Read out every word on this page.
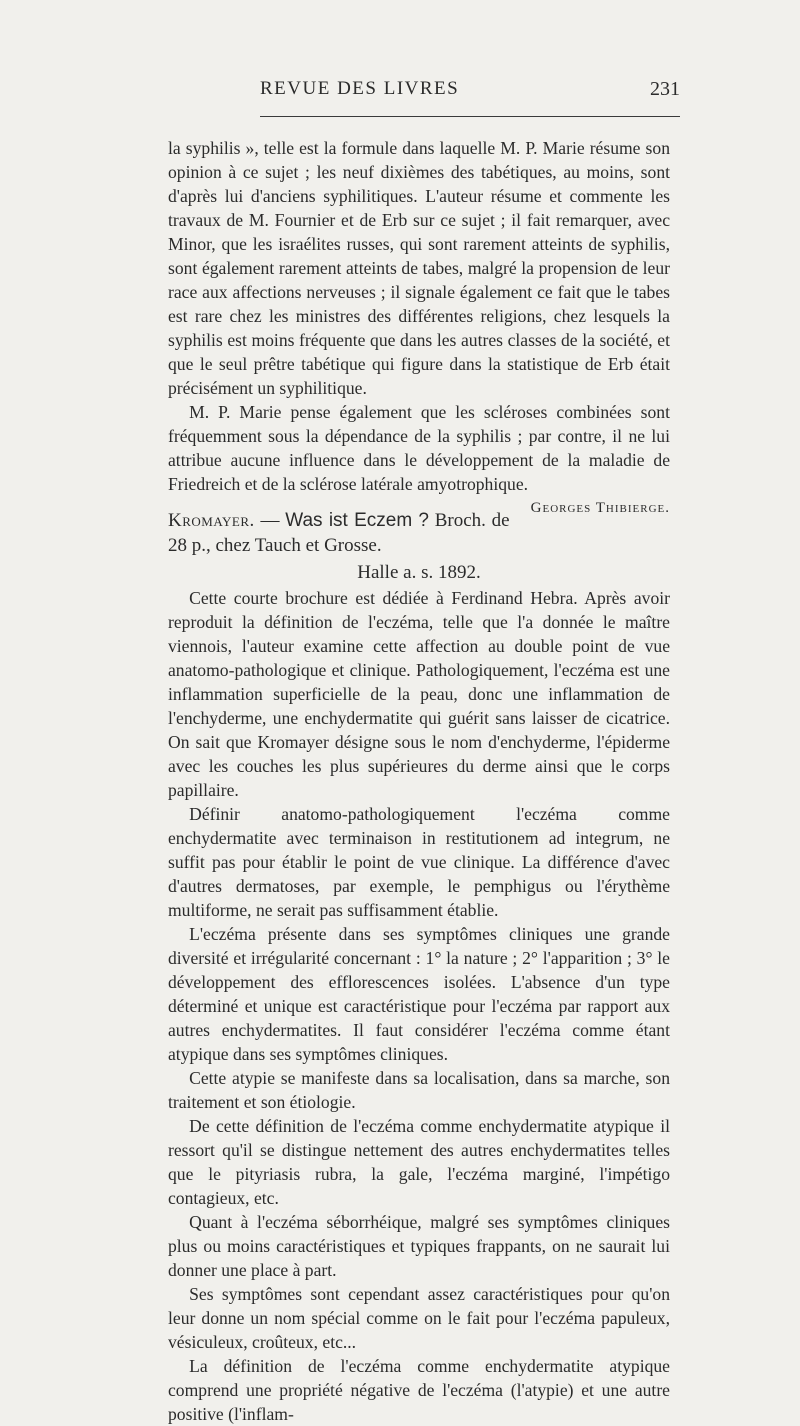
REVUE DES LIVRES	231

la syphilis », telle est la formule dans laquelle M. P. Marie résume son opinion à ce sujet ; les neuf dixièmes des tabétiques, au moins, sont d'après lui d'anciens syphilitiques. L'auteur résume et commente les travaux de M. Fournier et de Erb sur ce sujet ; il fait remarquer, avec Minor, que les israélites russes, qui sont rarement atteints de syphilis, sont également rarement atteints de tabes, malgré la propension de leur race aux affections nerveuses ; il signale également ce fait que le tabes est rare chez les ministres des différentes religions, chez lesquels la syphilis est moins fréquente que dans les autres classes de la société, et que le seul prêtre tabétique qui figure dans la statistique de Erb était précisément un syphilitique.

M. P. Marie pense également que les scléroses combinées sont fréquemment sous la dépendance de la syphilis ; par contre, il ne lui attribue aucune influence dans le développement de la maladie de Friedreich et de la sclérose latérale amyotrophique.
Georges Thibierge.

Kromayer. — Was ist Eczem ? Broch. de 28 p., chez Tauch et Grosse.

Halle a. s. 1892.

Cette courte brochure est dédiée à Ferdinand Hebra. Après avoir reproduit la définition de l'eczéma, telle que l'a donnée le maître viennois, l'auteur examine cette affection au double point de vue anatomo-pathologique et clinique. Pathologiquement, l'eczéma est une inflammation superficielle de la peau, donc une inflammation de l'enchyderme, une enchydermatite qui guérit sans laisser de cicatrice. On sait que Kromayer désigne sous le nom d'enchyderme, l'épiderme avec les couches les plus supérieures du derme ainsi que le corps papillaire.

Définir anatomo-pathologiquement l'eczéma comme enchydermatite avec terminaison in restitutionem ad integrum, ne suffit pas pour établir le point de vue clinique. La différence d'avec d'autres dermatoses, par exemple, le pemphigus ou l'érythème multiforme, ne serait pas suffisamment établie.

L'eczéma présente dans ses symptômes cliniques une grande diversité et irrégularité concernant : 1° la nature ; 2° l'apparition ; 3° le développement des efflorescences isolées. L'absence d'un type déterminé et unique est caractéristique pour l'eczéma par rapport aux autres enchydermatites. Il faut considérer l'eczéma comme étant atypique dans ses symptômes cliniques.

Cette atypie se manifeste dans sa localisation, dans sa marche, son traitement et son étiologie.

De cette définition de l'eczéma comme enchydermatite atypique il ressort qu'il se distingue nettement des autres enchydermatites telles que le pityriasis rubra, la gale, l'eczéma marginé, l'impétigo contagieux, etc.

Quant à l'eczéma séborrhéique, malgré ses symptômes cliniques plus ou moins caractéristiques et typiques frappants, on ne saurait lui donner une place à part.

Ses symptômes sont cependant assez caractéristiques pour qu'on leur donne un nom spécial comme on le fait pour l'eczéma papuleux, vésiculeux, croûteux, etc...

La définition de l'eczéma comme enchydermatite atypique comprend une propriété négative de l'eczéma (l'atypie) et une autre positive (l'inflam-
